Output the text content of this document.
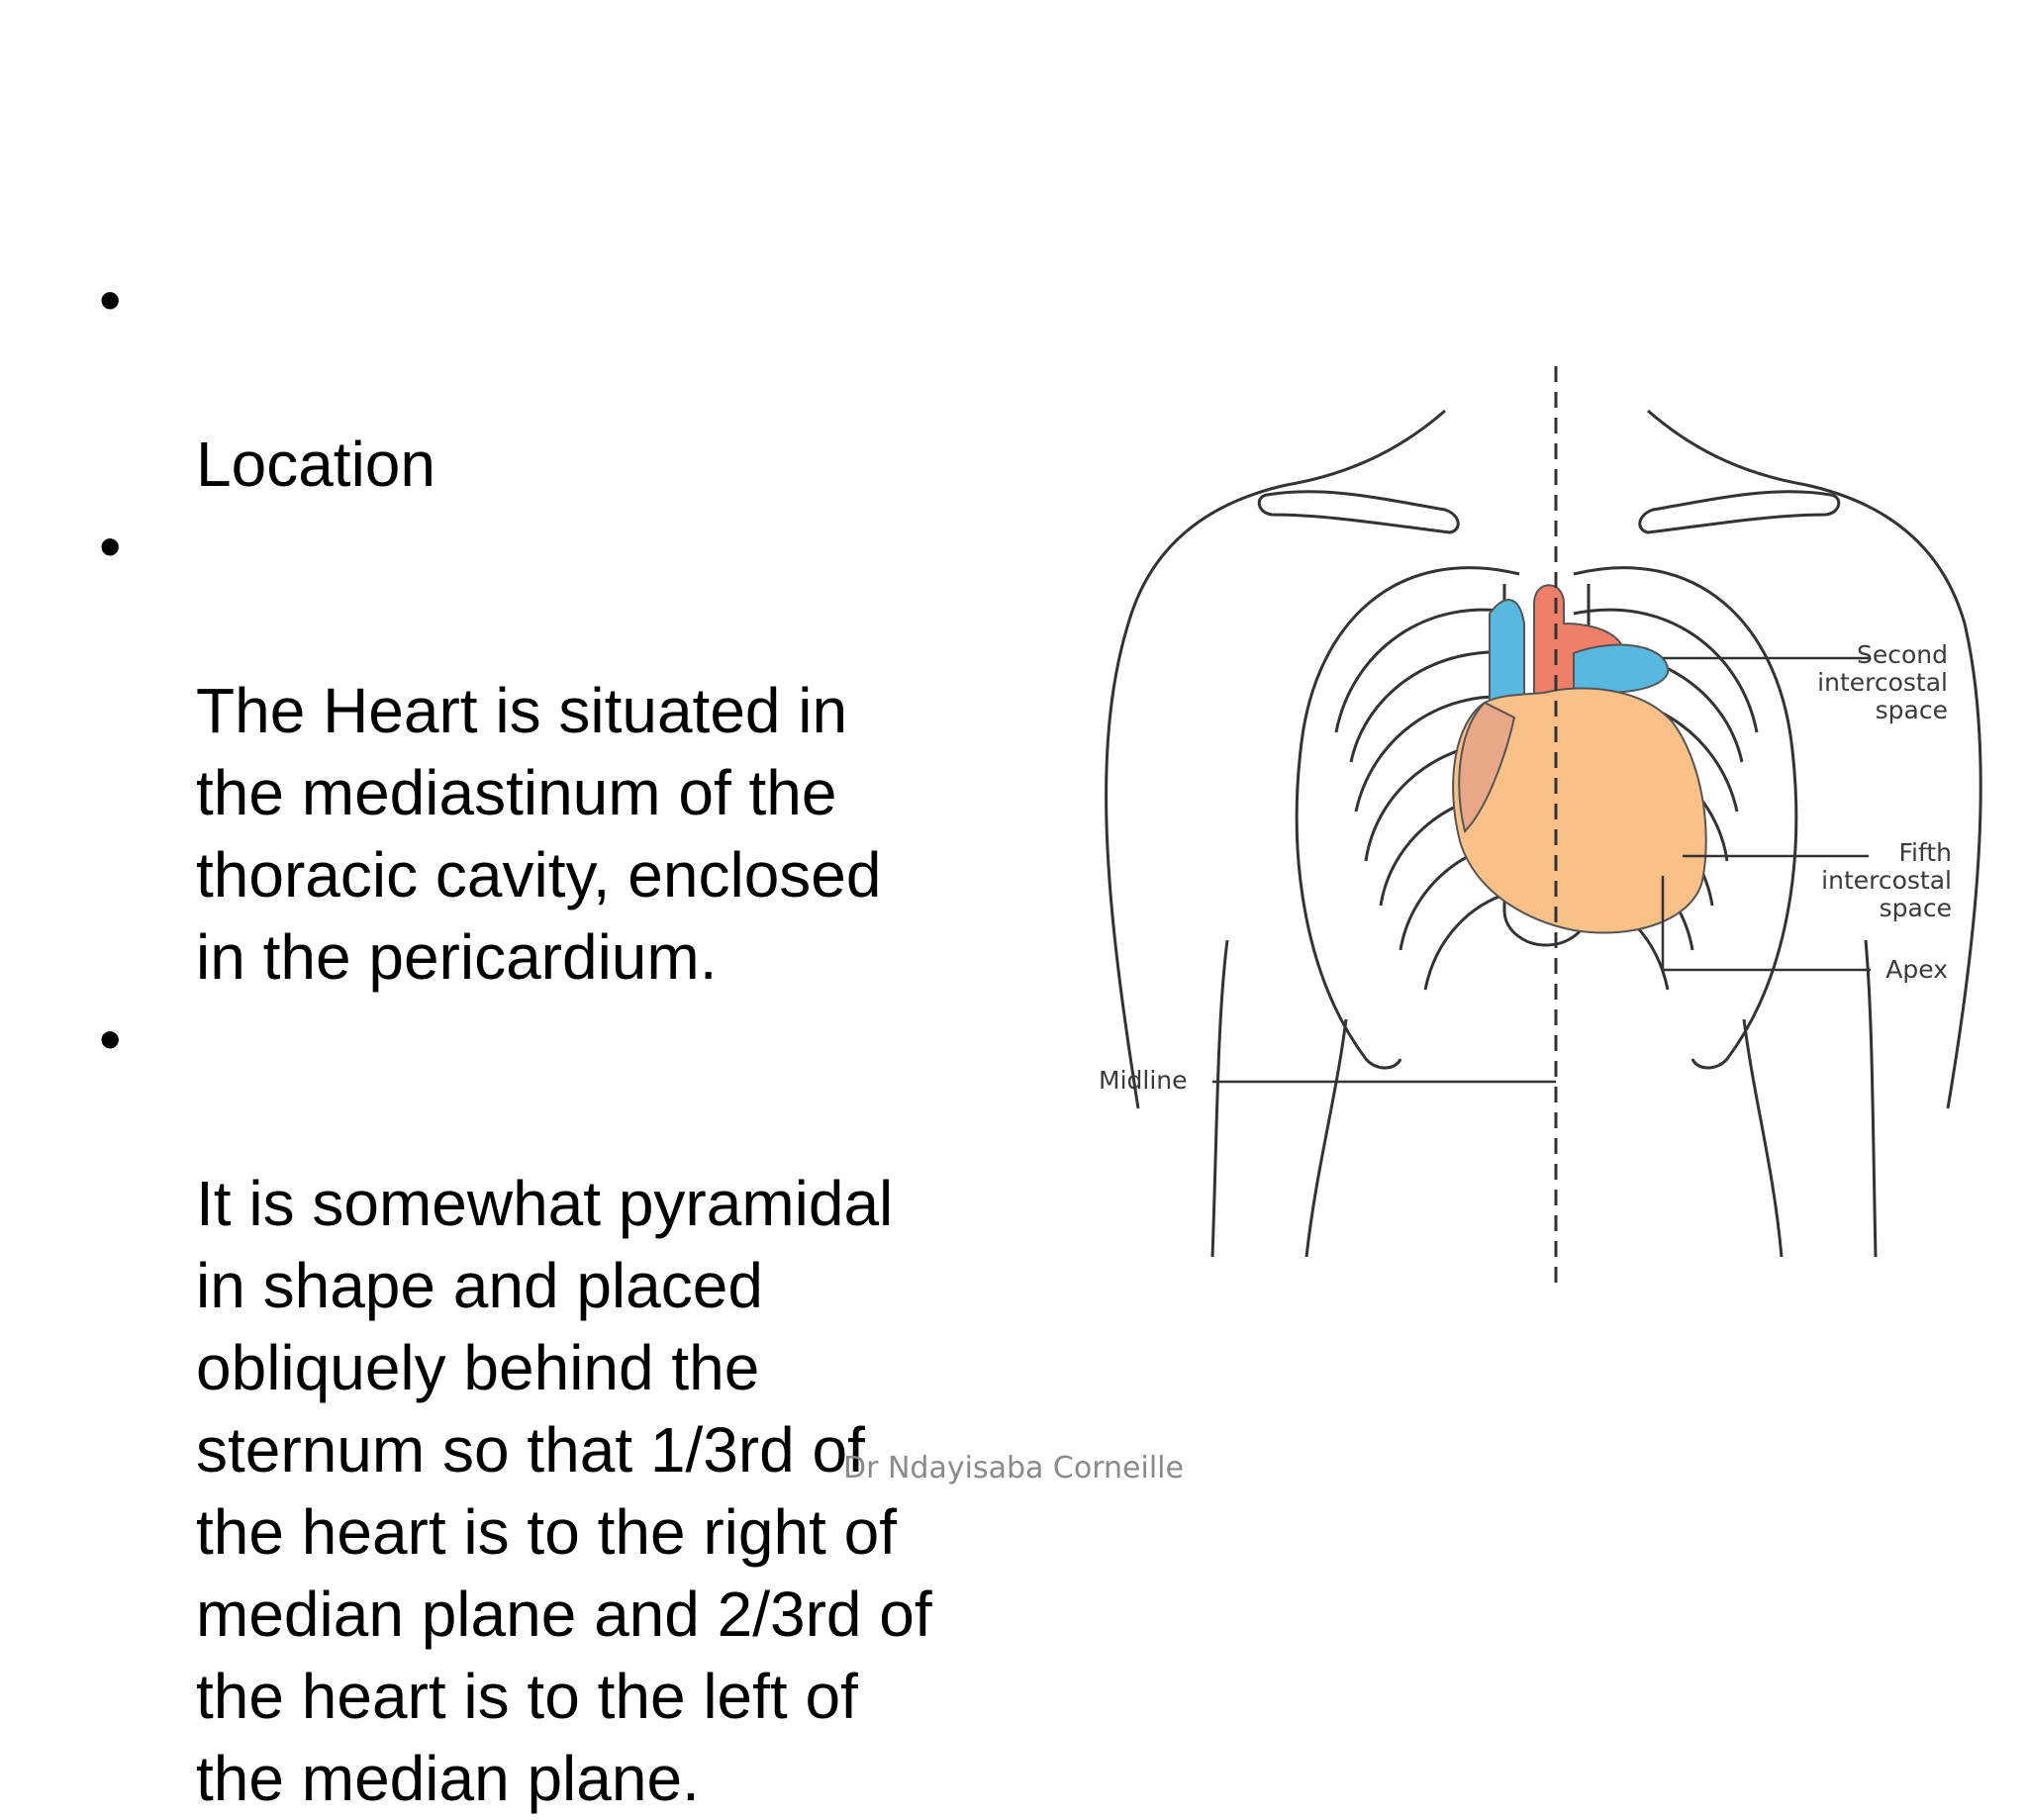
•

Location

•

The Heart is situated in
the mediastinum of the
thoracic cavity, enclosed
in the pericardium.

•

It is somewhat pyramidal
in shape and placed
obliquely behind the
sternum so that 1/3rd of
the heart is to the right of
median plane and 2/3rd of
the heart is to the left of
the median plane.

Second
intercostal
space
Fifth
intercostal
space
Apex
Midline
Dr Ndayisaba Corneille
